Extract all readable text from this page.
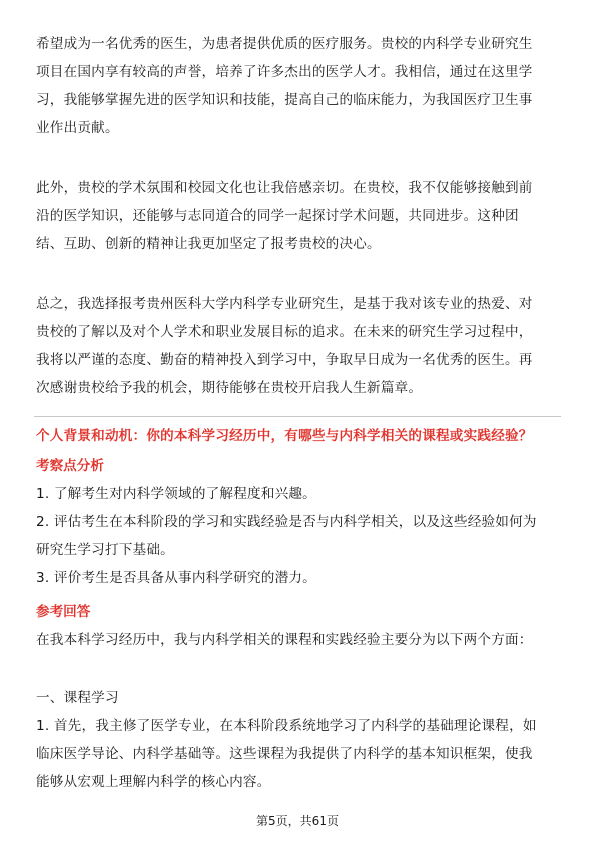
希望成为一名优秀的医生，为患者提供优质的医疗服务。贵校的内科学专业研究生
项目在国内享有较高的声誉，培养了许多杰出的医学人才。我相信，通过在这里学
习，我能够掌握先进的医学知识和技能，提高自己的临床能力，为我国医疗卫生事
业作出贡献。
此外，贵校的学术氛围和校园文化也让我倍感亲切。在贵校，我不仅能够接触到前
沿的医学知识，还能够与志同道合的同学一起探讨学术问题，共同进步。这种团
结、互助、创新的精神让我更加坚定了报考贵校的决心。
总之，我选择报考贵州医科大学内科学专业研究生，是基于我对该专业的热爱、对
贵校的了解以及对个人学术和职业发展目标的追求。在未来的研究生学习过程中，
我将以严谨的态度、勤奋的精神投入到学习中，争取早日成为一名优秀的医生。再
次感谢贵校给予我的机会，期待能够在贵校开启我人生新篇章。
个人背景和动机：你的本科学习经历中，有哪些与内科学相关的课程或实践经验？
考察点分析
1. 了解考生对内科学领域的了解程度和兴趣。
2. 评估考生在本科阶段的学习和实践经验是否与内科学相关，以及这些经验如何为
研究生学习打下基础。
3. 评价考生是否具备从事内科学研究的潜力。
参考回答
在我本科学习经历中，我与内科学相关的课程和实践经验主要分为以下两个方面：
一、课程学习
1. 首先，我主修了医学专业，在本科阶段系统地学习了内科学的基础理论课程，如
临床医学导论、内科学基础等。这些课程为我提供了内科学的基本知识框架，使我
能够从宏观上理解内科学的核心内容。
第5页，共61页
